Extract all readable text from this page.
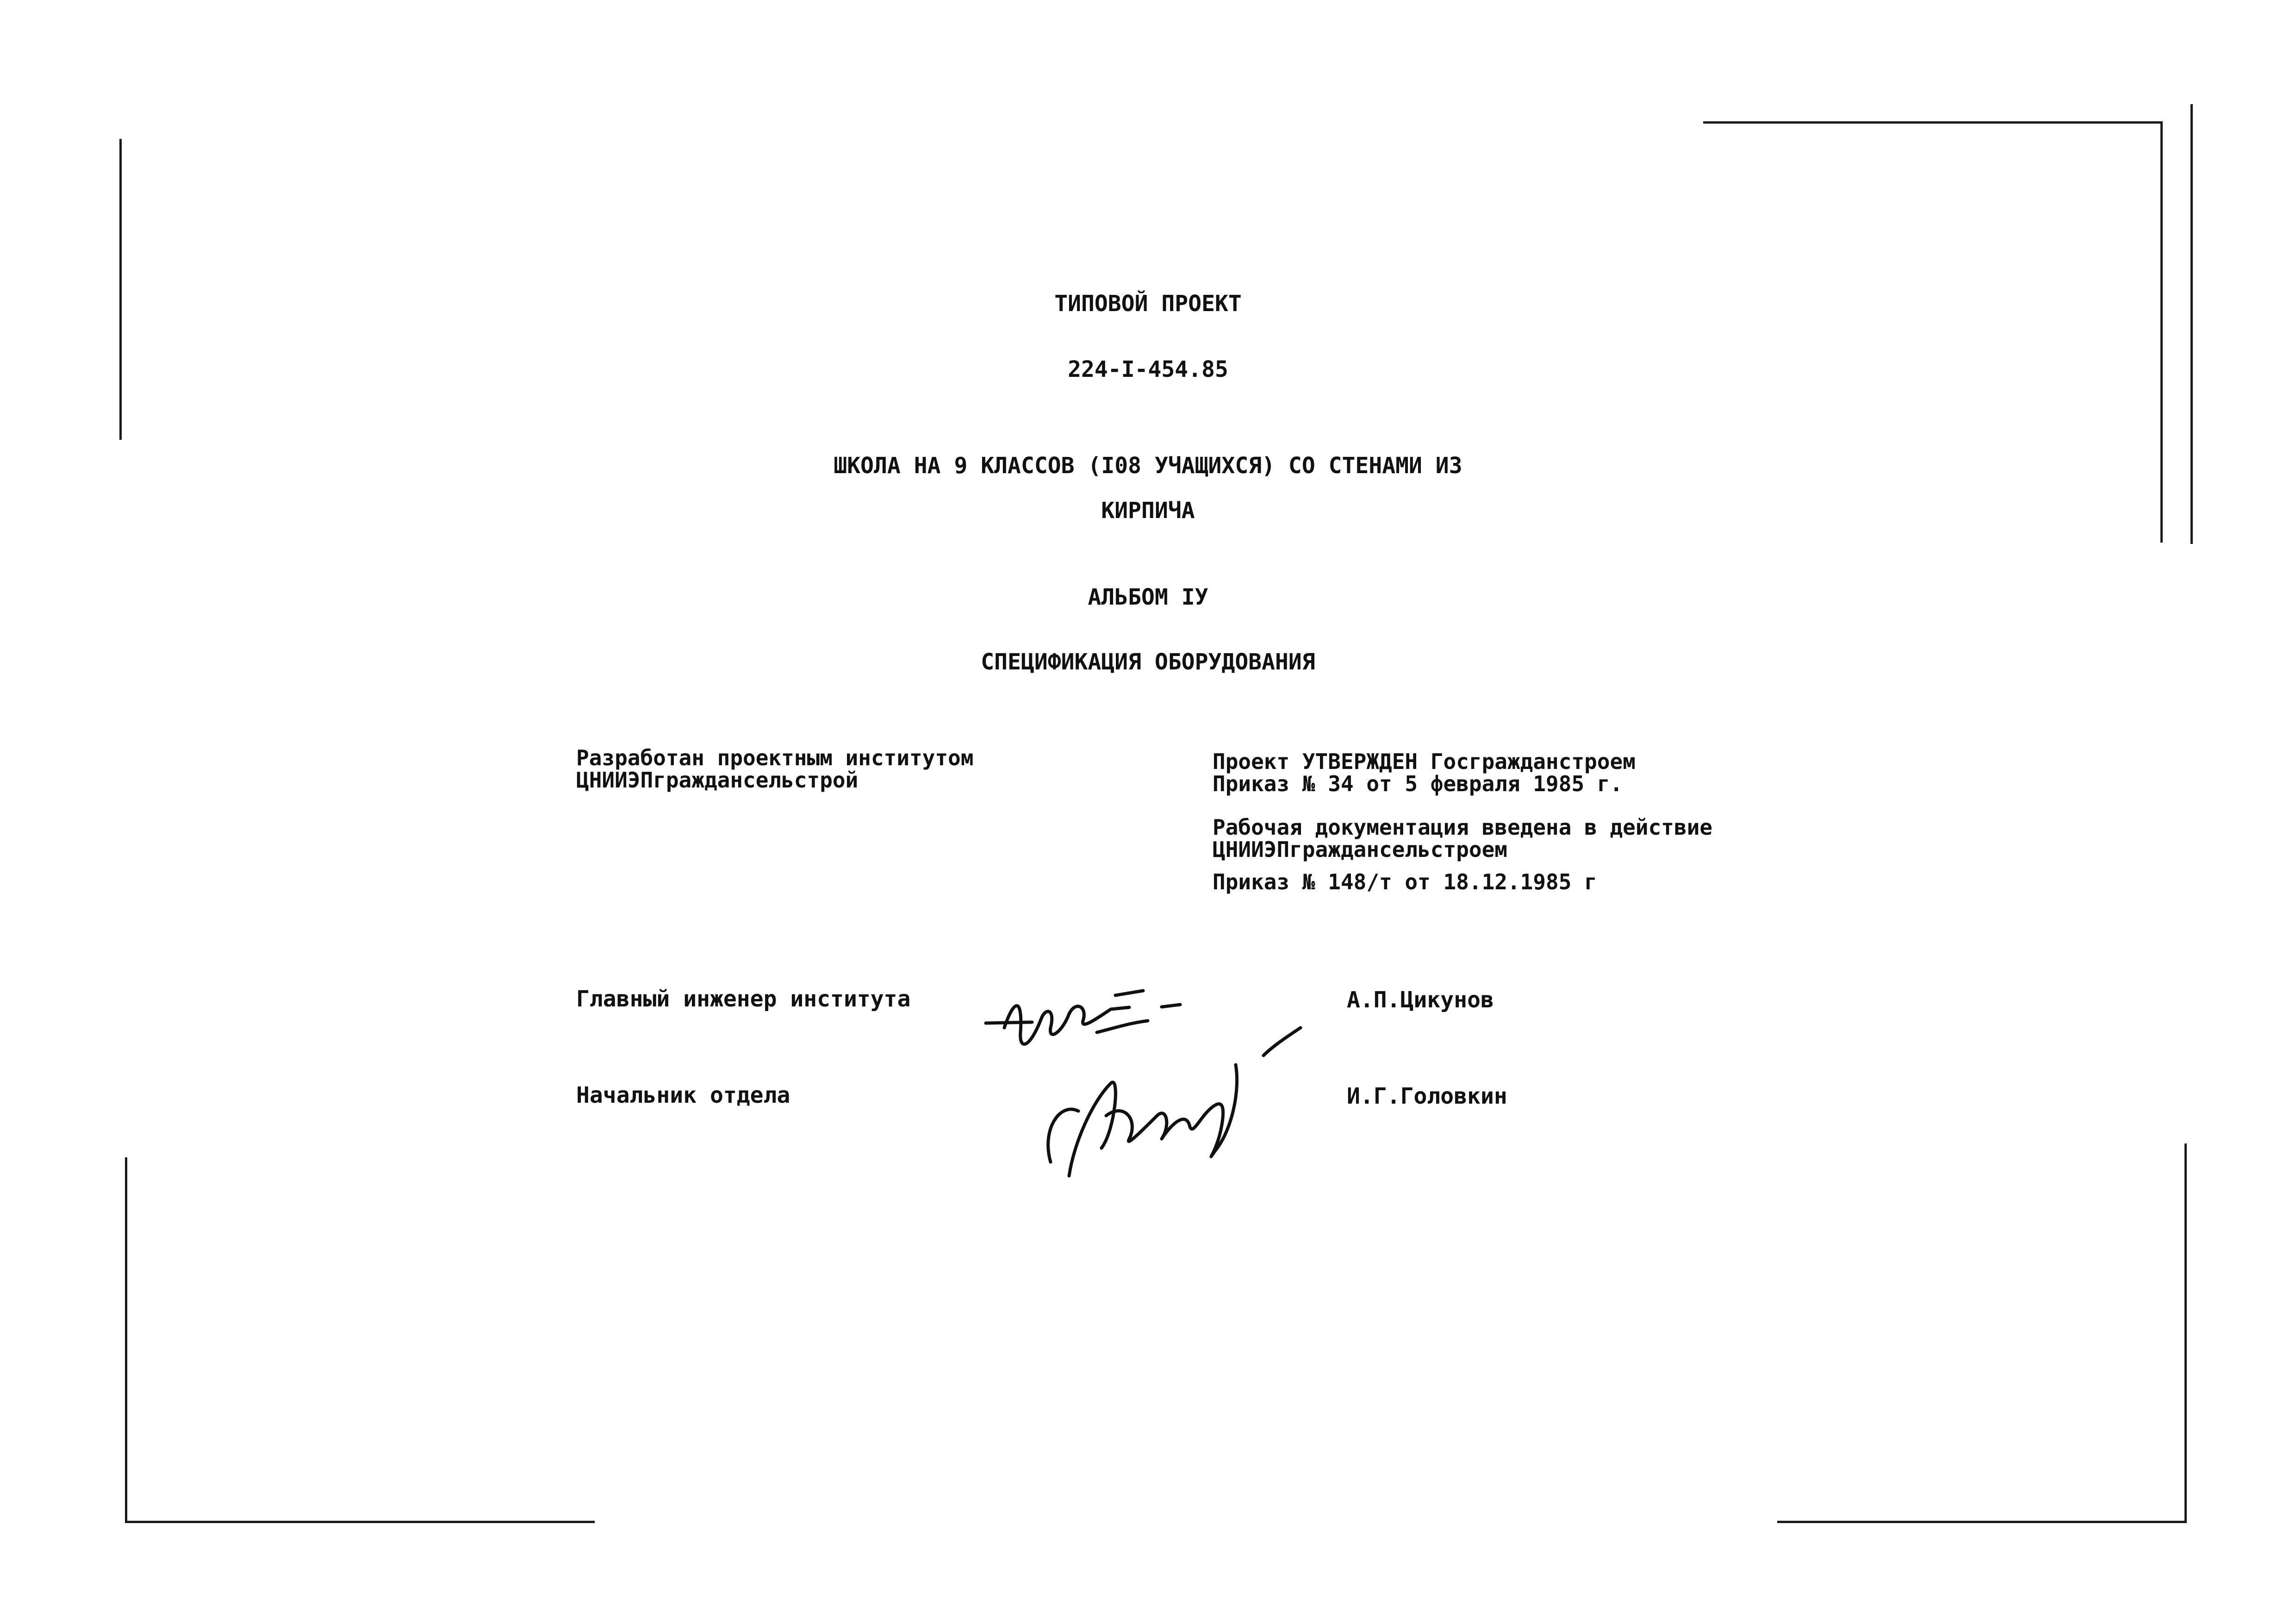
ТИПОВОЙ ПРОЕКТ
224-I-454.85
ШКОЛА НА 9 КЛАССОВ (I08 УЧАЩИХСЯ) СО СТЕНАМИ ИЗ
КИРПИЧА
АЛЬБОМ IУ
СПЕЦИФИКАЦИЯ ОБОРУДОВАНИЯ
Разработан проектным институтом
ЦНИИЭПграждансельстрой
Проект УТВЕРЖДЕН Госгражданстроем
Приказ № 34 от 5 февраля 1985 г.
Рабочая документация введена в действие
ЦНИИЭПграждансельстроем
Приказ № 148/т от 18.12.1985 г
Главный инженер института	А.П.Цикунов
Начальник отдела	И.Г.Головкин
